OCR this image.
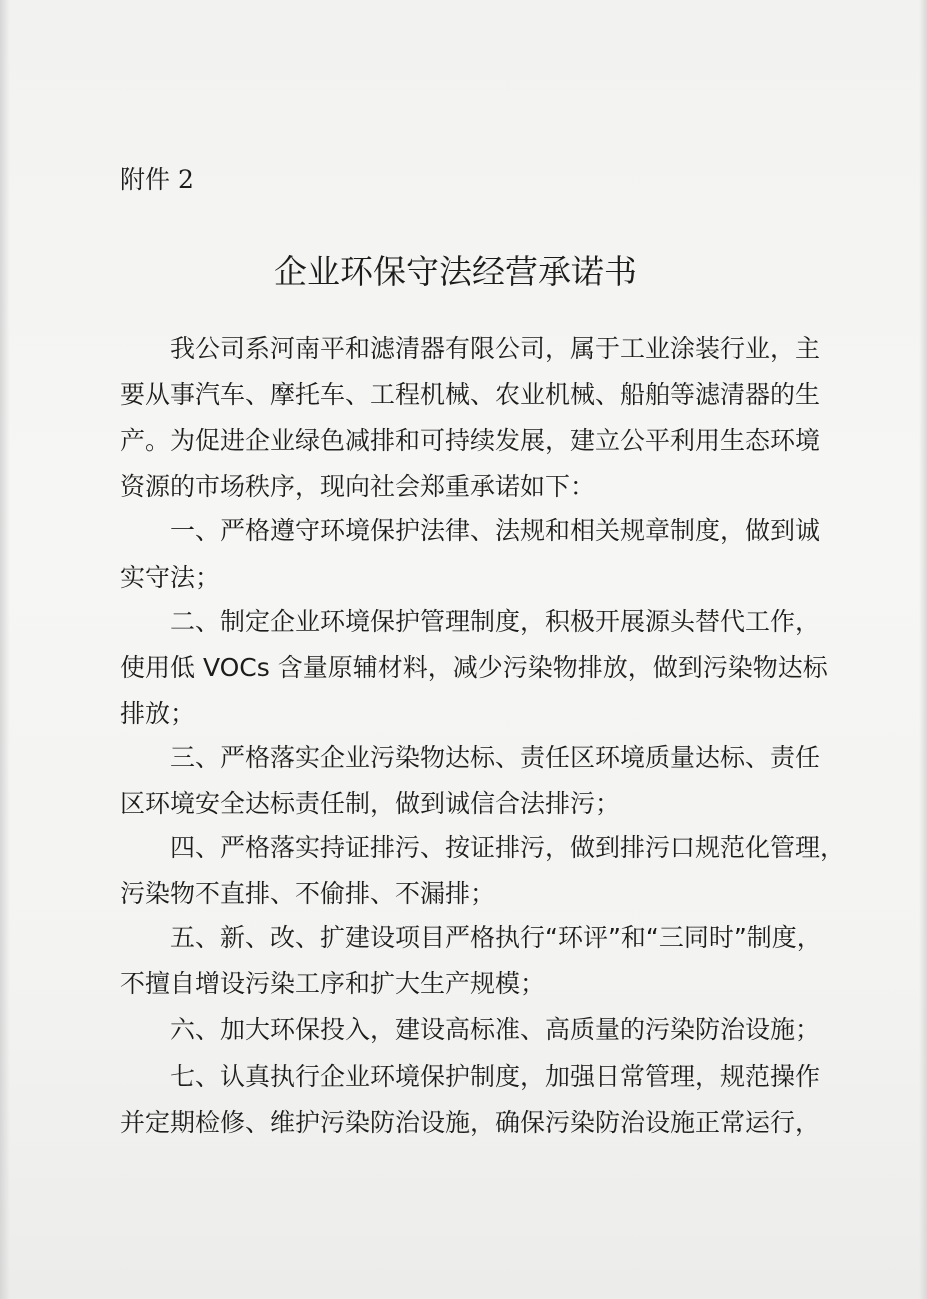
附件 2
企业环保守法经营承诺书
我公司系河南平和滤清器有限公司，属于工业涂装行业，主
要从事汽车、摩托车、工程机械、农业机械、船舶等滤清器的生
产。为促进企业绿色减排和可持续发展，建立公平利用生态环境
资源的市场秩序，现向社会郑重承诺如下：
一、严格遵守环境保护法律、法规和相关规章制度，做到诚
实守法；
二、制定企业环境保护管理制度，积极开展源头替代工作，
使用低 VOCs 含量原辅材料，减少污染物排放，做到污染物达标
排放；
三、严格落实企业污染物达标、责任区环境质量达标、责任
区环境安全达标责任制，做到诚信合法排污；
四、严格落实持证排污、按证排污，做到排污口规范化管理，
污染物不直排、不偷排、不漏排；
五、新、改、扩建设项目严格执行“环评”和“三同时”制度，
不擅自增设污染工序和扩大生产规模；
六、加大环保投入，建设高标准、高质量的污染防治设施；
七、认真执行企业环境保护制度，加强日常管理，规范操作
并定期检修、维护污染防治设施，确保污染防治设施正常运行，
